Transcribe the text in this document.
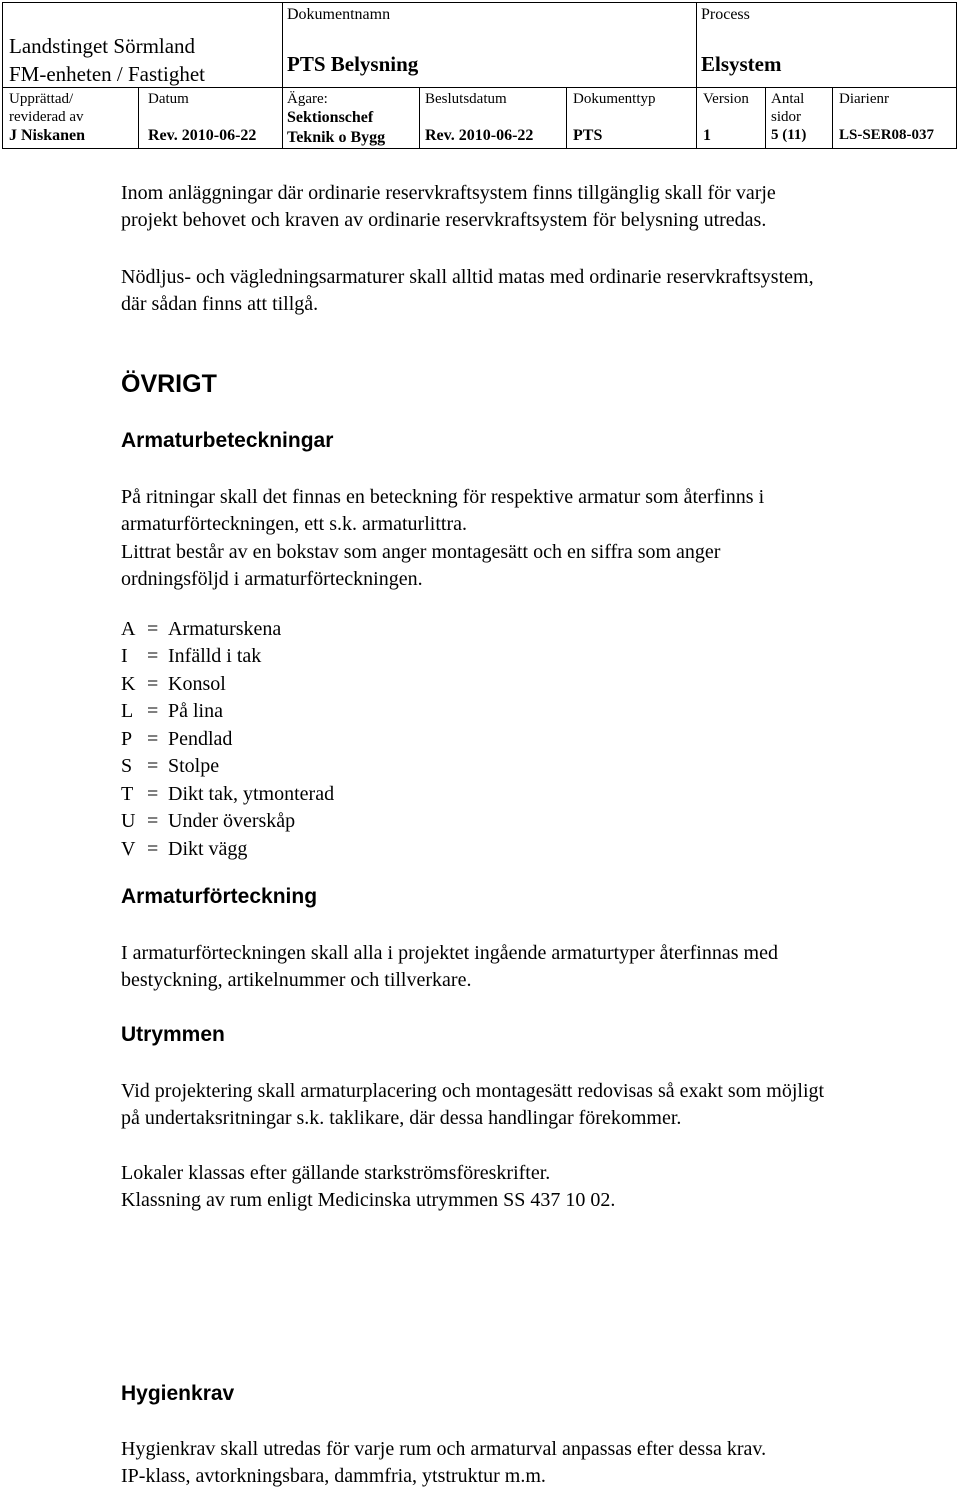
Landstinget Sörmland
FM-enheten / Fastighet
Dokumentnamn
PTS Belysning
Process
Elsystem
Upprättad/
reviderad av
J Niskanen
Datum
Rev. 2010-06-22
Ägare:
Sektionschef
Teknik o Bygg
Beslutsdatum
Rev. 2010-06-22
Dokumenttyp
PTS
Version
1
Antal
sidor
5 (11)
Diarienr
LS-SER08-037
Inom anläggningar där ordinarie reservkraftsystem finns tillgänglig skall för varje
projekt behovet och kraven av ordinarie reservkraftsystem för belysning utredas.
Nödljus- och vägledningsarmaturer skall alltid matas med ordinarie reservkraftsystem,
där sådan finns att tillgå.
ÖVRIGT
Armaturbeteckningar
På ritningar skall det finnas en beteckning för respektive armatur som återfinns i
armaturförteckningen, ett s.k. armaturlittra.
Littrat består av en bokstav som anger montagesätt och en siffra som anger
ordningsföljd i armaturförteckningen.
A = Armaturskena
I = Infälld i tak
K = Konsol
L = På lina
P = Pendlad
S = Stolpe
T = Dikt tak, ytmonterad
U = Under överskåp
V = Dikt vägg
Armaturförteckning
I armaturförteckningen skall alla i projektet ingående armaturtyper återfinnas med
bestyckning, artikelnummer och tillverkare.
Utrymmen
Vid projektering skall armaturplacering och montagesätt redovisas så exakt som möjligt
på undertaksritningar s.k. taklikare, där dessa handlingar förekommer.
Lokaler klassas efter gällande starkströmsföreskrifter.
Klassning av rum enligt Medicinska utrymmen SS 437 10 02.
Hygienkrav
Hygienkrav skall utredas för varje rum och armaturval anpassas efter dessa krav.
IP-klass, avtorkningsbara, dammfria, ytstruktur m.m.
